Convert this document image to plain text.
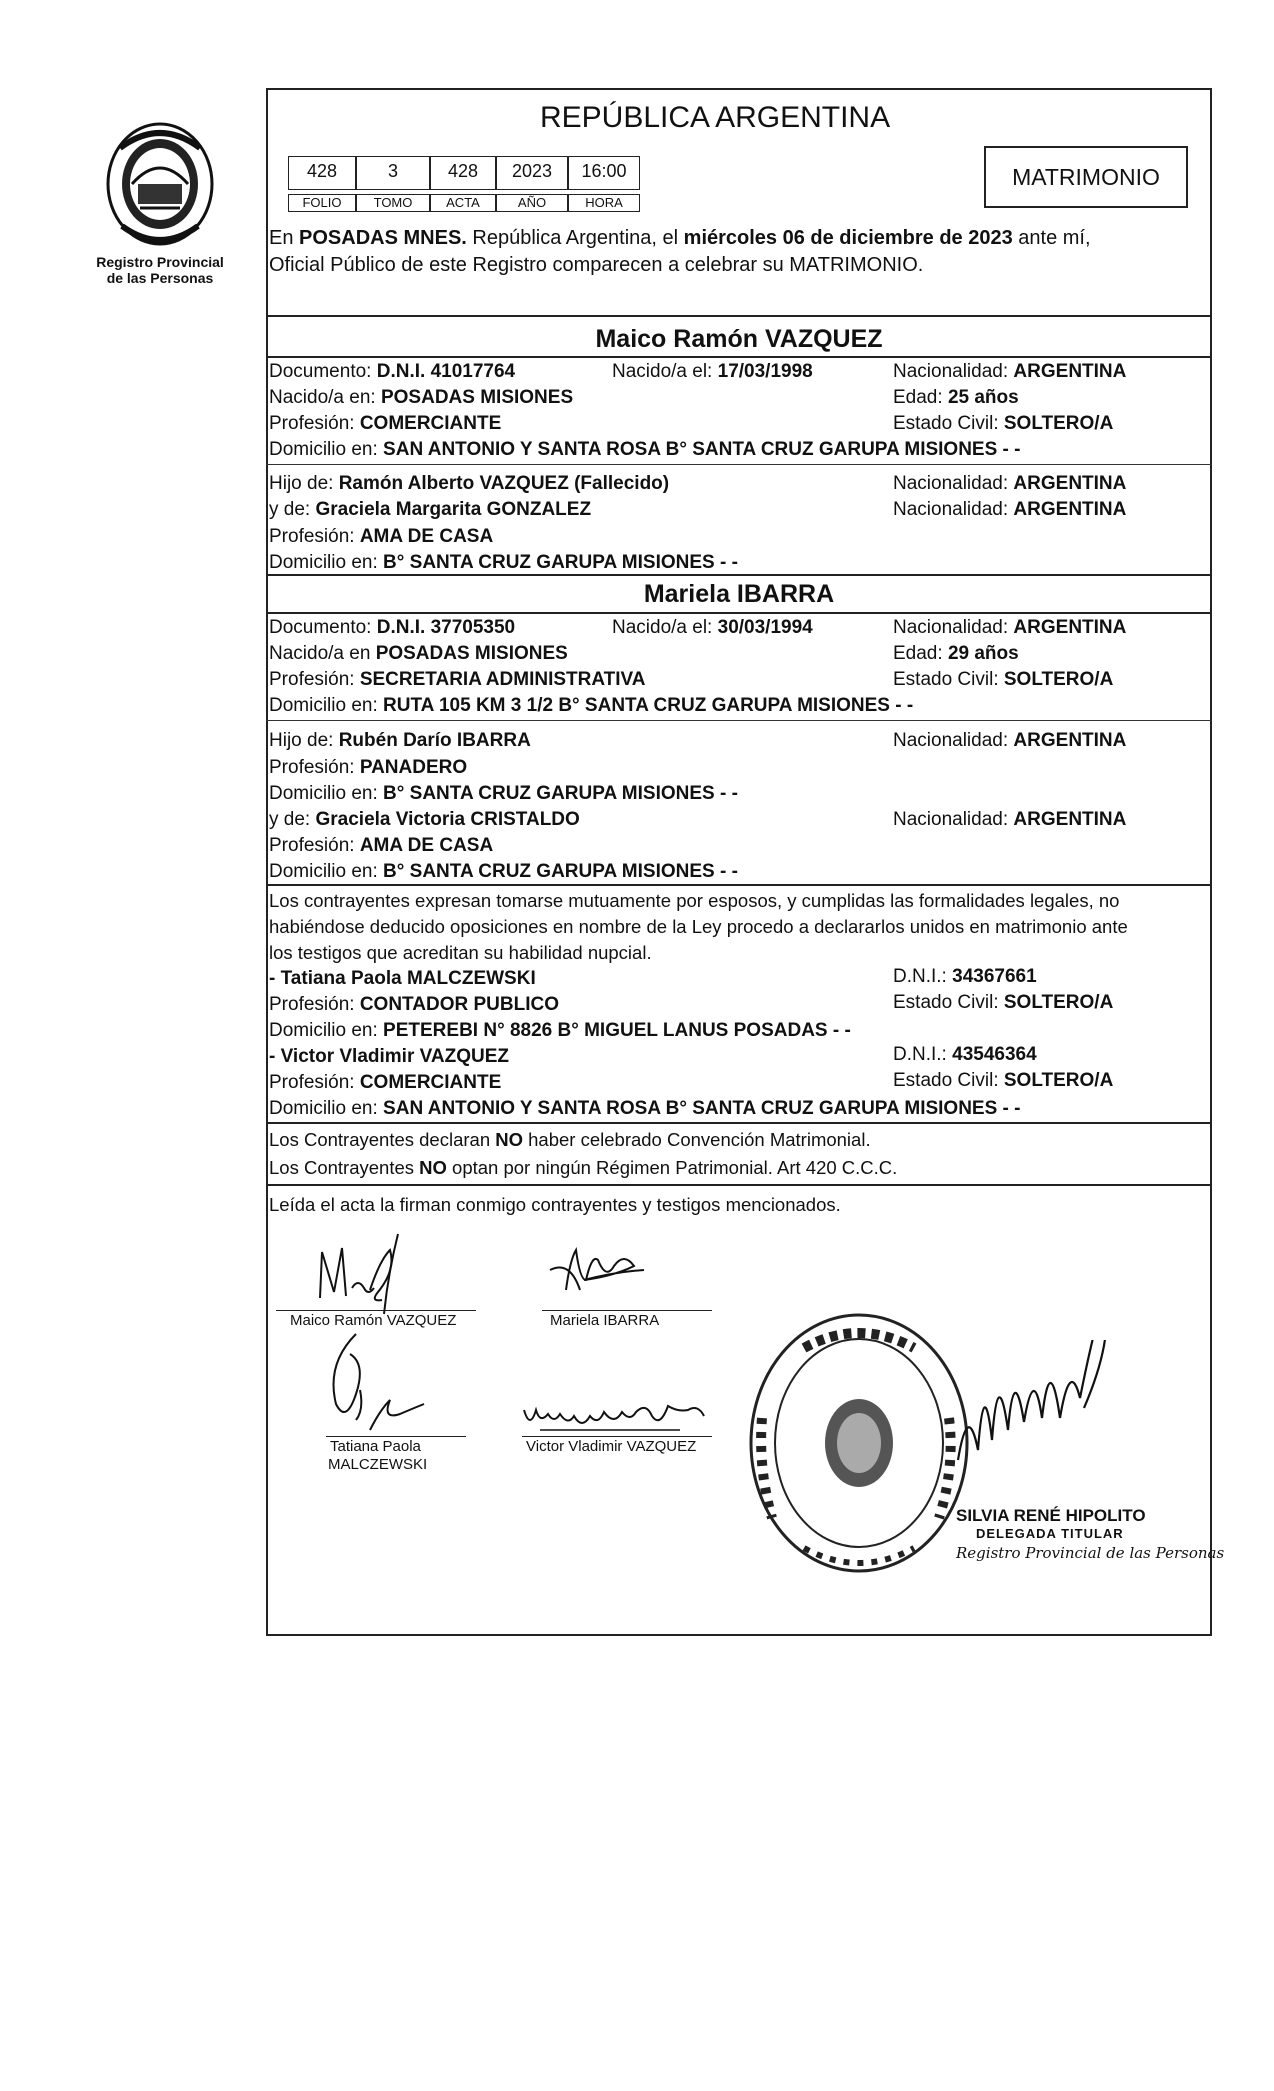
Registro Provincial
de las Personas
REPÚBLICA ARGENTINA
428	3	428	2023	16:00
FOLIO	TOMO	ACTA	AÑO	HORA
MATRIMONIO
En POSADAS MNES. República Argentina, el miércoles 06 de diciembre de 2023 ante mí,
Oficial Público de este Registro comparecen a celebrar su MATRIMONIO.
Maico Ramón VAZQUEZ
Documento: D.N.I. 41017764	Nacido/a el: 17/03/1998	Nacionalidad: ARGENTINA
Nacido/a en: POSADAS MISIONES	Edad: 25 años
Profesión: COMERCIANTE	Estado Civil: SOLTERO/A
Domicilio en: SAN ANTONIO Y SANTA ROSA B° SANTA CRUZ GARUPA MISIONES - -
Hijo de: Ramón Alberto VAZQUEZ (Fallecido)	Nacionalidad: ARGENTINA
y de: Graciela Margarita GONZALEZ	Nacionalidad: ARGENTINA
Profesión: AMA DE CASA
Domicilio en: B° SANTA CRUZ GARUPA MISIONES - -
Mariela IBARRA
Documento: D.N.I. 37705350	Nacido/a el: 30/03/1994	Nacionalidad: ARGENTINA
Nacido/a en POSADAS MISIONES	Edad: 29 años
Profesión: SECRETARIA ADMINISTRATIVA	Estado Civil: SOLTERO/A
Domicilio en: RUTA 105 KM 3 1/2 B° SANTA CRUZ GARUPA MISIONES - -
Hijo de: Rubén Darío IBARRA	Nacionalidad: ARGENTINA
Profesión: PANADERO
Domicilio en: B° SANTA CRUZ GARUPA MISIONES - -
y de: Graciela Victoria CRISTALDO	Nacionalidad: ARGENTINA
Profesión: AMA DE CASA
Domicilio en: B° SANTA CRUZ GARUPA MISIONES - -
Los contrayentes expresan tomarse mutuamente por esposos, y cumplidas las formalidades legales, no
habiéndose deducido oposiciones en nombre de la Ley procedo a declararlos unidos en matrimonio ante
los testigos que acreditan su habilidad nupcial.
- Tatiana Paola MALCZEWSKI	D.N.I.: 34367661
Profesión: CONTADOR PUBLICO	Estado Civil: SOLTERO/A
Domicilio en: PETEREBI N° 8826 B° MIGUEL LANUS POSADAS - -
- Victor Vladimir VAZQUEZ	D.N.I.: 43546364
Profesión: COMERCIANTE	Estado Civil: SOLTERO/A
Domicilio en: SAN ANTONIO Y SANTA ROSA B° SANTA CRUZ GARUPA MISIONES - -
Los Contrayentes declaran NO haber celebrado Convención Matrimonial.
Los Contrayentes NO optan por ningún Régimen Patrimonial. Art 420 C.C.C.
Leída el acta la firman conmigo contrayentes y testigos mencionados.
Maico Ramón VAZQUEZ	Mariela IBARRA
Tatiana Paola
MALCZEWSKI
Victor Vladimir VAZQUEZ
SILVIA RENÉ HIPOLITO
DELEGADA TITULAR
Registro Provincial de las Personas
